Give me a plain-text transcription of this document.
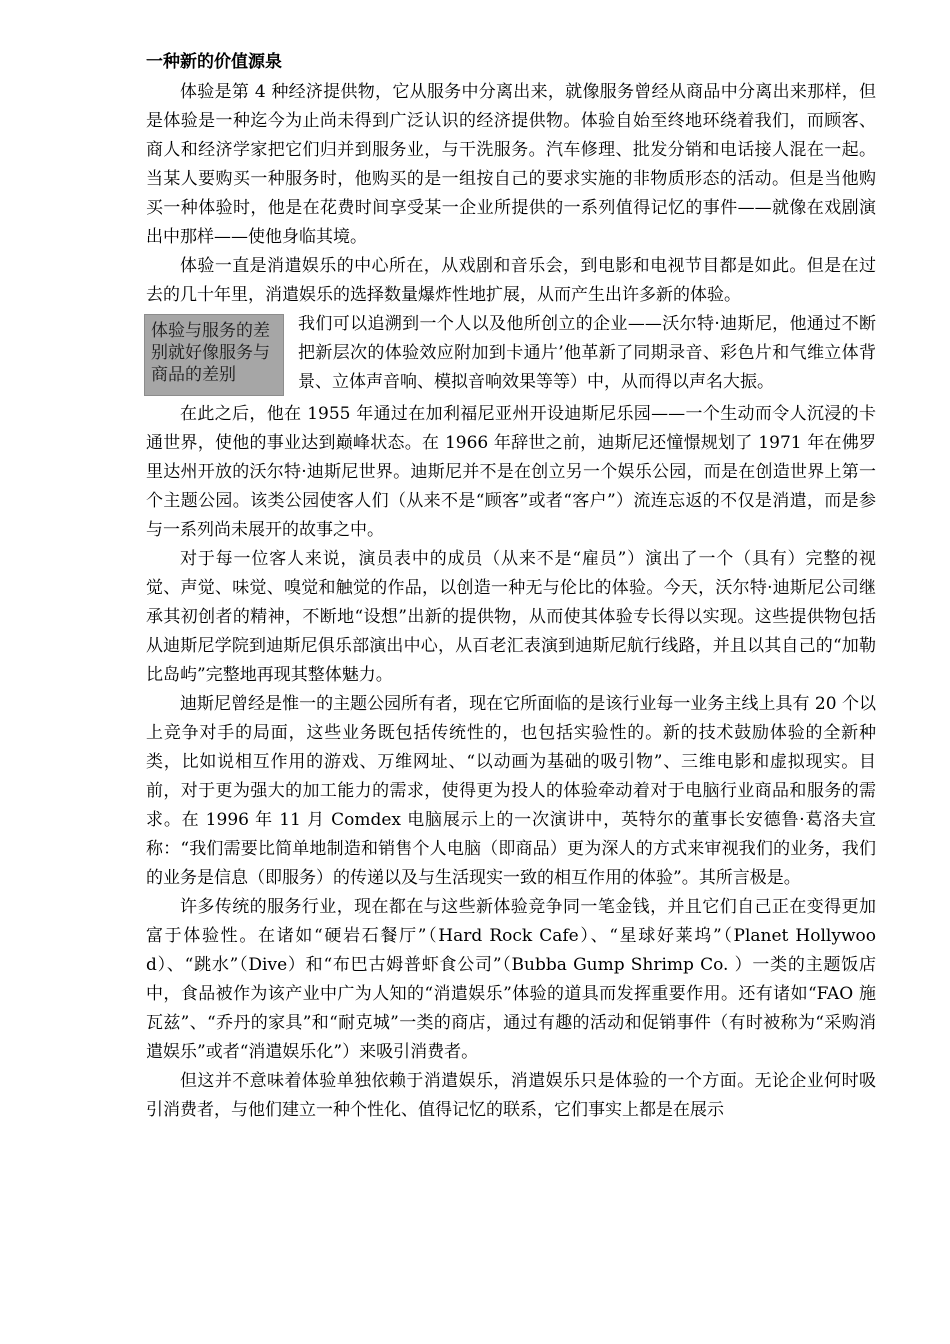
一种新的价值源泉

体验是第 4 种经济提供物，它从服务中分离出来，就像服务曾经从商品中分离出来那样，但是体验是一种迄今为止尚未得到广泛认识的经济提供物。体验自始至终地环绕着我们，而顾客、商人和经济学家把它们归并到服务业，与干洗服务。汽车修理、批发分销和电话接人混在一起。当某人要购买一种服务时，他购买的是一组按自己的要求实施的非物质形态的活动。但是当他购买一种体验时，他是在花费时间享受某一企业所提供的一系列值得记忆的事件——就像在戏剧演出中那样——使他身临其境。

体验一直是消遣娱乐的中心所在，从戏剧和音乐会，到电影和电视节目都是如此。但是在过去的几十年里，消遣娱乐的选择数量爆炸性地扩展，从而产生出许多新的体验。

体验与服务的差别就好像服务与商品的差别

我们可以追溯到一个人以及他所创立的企业——沃尔特·迪斯尼，他通过不断把新层次的体验效应附加到卡通片’他革新了同期录音、彩色片和气维立体背景、立体声音响、模拟音响效果等等）中，从而得以声名大振。

在此之后，他在 1955 年通过在加利福尼亚州开设迪斯尼乐园——一个生动而令人沉浸的卡通世界，使他的事业达到巅峰状态。在 1966 年辞世之前，迪斯尼还憧憬规划了 1971 年在佛罗里达州开放的沃尔特·迪斯尼世界。迪斯尼并不是在创立另一个娱乐公园，而是在创造世界上第一个主题公园。该类公园使客人们（从来不是“顾客”或者“客户”）流连忘返的不仅是消遣，而是参与一系列尚未展开的故事之中。

对于每一位客人来说，演员表中的成员（从来不是“雇员”）演出了一个（具有）完整的视觉、声觉、味觉、嗅觉和触觉的作品，以创造一种无与伦比的体验。今天，沃尔特·迪斯尼公司继承其初创者的精神，不断地“设想”出新的提供物，从而使其体验专长得以实现。这些提供物包括从迪斯尼学院到迪斯尼俱乐部演出中心，从百老汇表演到迪斯尼航行线路，并且以其自己的“加勒比岛屿”完整地再现其整体魅力。

迪斯尼曾经是惟一的主题公园所有者，现在它所面临的是该行业每一业务主线上具有 20 个以上竞争对手的局面，这些业务既包括传统性的，也包括实验性的。新的技术鼓励体验的全新种类，比如说相互作用的游戏、万维网址、“以动画为基础的吸引物”、三维电影和虚拟现实。目前，对于更为强大的加工能力的需求，使得更为投人的体验牵动着对于电脑行业商品和服务的需求。在 1996 年 11 月 Comdex 电脑展示上的一次演讲中，英特尔的董事长安德鲁·葛洛夫宣称：“我们需要比简单地制造和销售个人电脑（即商品）更为深人的方式来审视我们的业务，我们的业务是信息（即服务）的传递以及与生活现实一致的相互作用的体验”。其所言极是。

许多传统的服务行业，现在都在与这些新体验竞争同一笔金钱，并且它们自己正在变得更加富于体验性。在诸如“硬岩石餐厅”（Hard Rock Cafe）、“星球好莱坞”（Planet Hollywood）、“跳水”（Dive）和“布巴古姆普虾食公司”（Bubba Gump Shrimp Co. ）一类的主题饭店中，食品被作为该产业中广为人知的“消遣娱乐”体验的道具而发挥重要作用。还有诸如“FAO 施瓦兹”、“乔丹的家具”和“耐克城”一类的商店，通过有趣的活动和促销事件（有时被称为“采购消遣娱乐”或者“消遣娱乐化”）来吸引消费者。

但这并不意味着体验单独依赖于消遣娱乐，消遣娱乐只是体验的一个方面。无论企业何时吸引消费者，与他们建立一种个性化、值得记忆的联系，它们事实上都是在展示
